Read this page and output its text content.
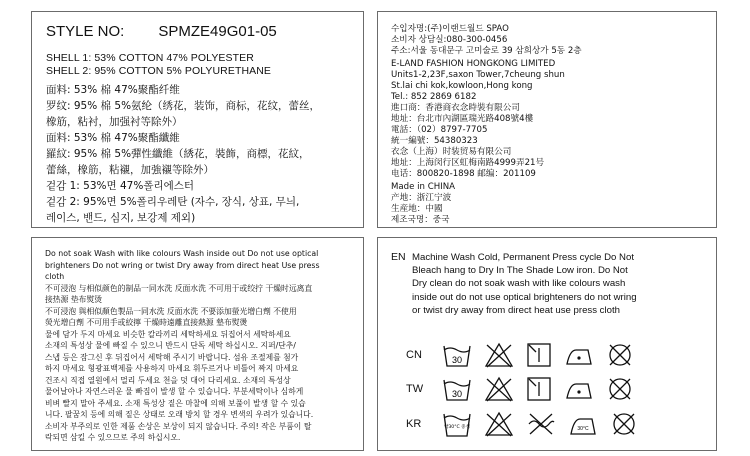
STYLE NO: SPMZE49G01-05
SHELL 1: 53% COTTON 47% POLYESTER
SHELL 2: 95% COTTON 5% POLYURETHANE
面料: 53% 棉 47%聚酯纤维
罗纹: 95% 棉 5%氨纶（绣花，装饰，商标，花纹，蕾丝，
橡筋，粘衬，加强衬等除外）
面料: 53% 棉 47%聚酯纖維
羅紋: 95% 棉 5%彈性纖維（綉花，裝飾，商標，花紋，
蕾絲，橡筋，粘襯，加強襯等除外）
겉감 1: 53%면 47%폴리에스터
겉감 2: 95%면 5%폴리우레탄 (자수, 장식, 상표, 무늬,
레이스, 밴드, 심지, 보강제 제외)
수입자명:(주)이랜드월드 SPAO
소비자 상담실:080-300-0456
주소:서울 동대문구 고미술로 39 삼희상가 5동 2층
E-LAND FASHION HONGKONG LIMITED
Units1-2,23F,saxon Tower,7cheung shun
St.lai chi kok,kowloon,Hong kong
Tel.: 852 2869 6182
進口商：香港商衣念時裝有限公司
地址：台北市內湖區瑞光路408號4樓
電話：（02）8797-7705
統一編號：54380323
衣念（上海）时装贸易有限公司
地址：上海闵行区虹梅南路4999弄21号
电话：800820-1898 邮编：201109
Made in CHINA
产地：浙江宁波
生産地：中國
제조국명：중국
Do not soak Wash with like colours Wash inside out Do not use optical
brighteners Do not wring or twist Dry away from direct heat Use press
cloth
不可浸泡 与相似颜色的制品一同水洗 反面水洗 不可用于或绞拧 干燥时远离直
接热源 垫布熨烫
不可浸泡 與相似顏色製品一同水洗 反面水洗 不要添加螢光增白劑 不使用
熒光增白劑 不可用手或絞擰 干燥時遠離直接熱源 墊布熨燙
물에 담가 두지 마세요 비슷한 칼라끼리 세탁하세요 뒤집어서 세탁하세요
소재의 특성상 물에 빠질 수 있으니 반드시 단독 세탁 하십시오. 지퍼/단추/
스냅 등은 잠그신 후 뒤집어서 세탁해 주시기 바랍니다. 섬유 조절제를 첨가
하지 마세요 형광표백제를 사용하지 마세요 휘두르거나 비틀어 짜지 마세요
건조시 직접 열원에서 멀리 두세요 천을 덧 대어 다리세요. 소재의 특성상
물어날아나 자연스러운 물 빠짐이 발생 할 수 있습니다. 부분세탁이나 심하게
비벼 빨지 말아 주세요. 소재 특성상 짙은 마찰에 의해 보풀이 발생 할 수 있습
니다. 팔꿈치 등에 의해 짙은 상태로 오래 방치 할 경우 변색의 우려가 있습니다.
소비자 부주의로 인한 제품 손상은 보상이 되지 않습니다. 주의! 작은 부품이 탈
락되면 삼킬 수 있으므로 주의 하십시오.
EN Machine Wash Cold, Permanent Press cycle Do Not
Bleach hang to Dry In The Shade Low iron. Do Not
Dry clean do not soak wash with like colours wash
inside out do not use optical brighteners do not wring
or twist dry away from direct heat use press cloth
CN	30
TW	30
KR	약30°C 중성	30°C
